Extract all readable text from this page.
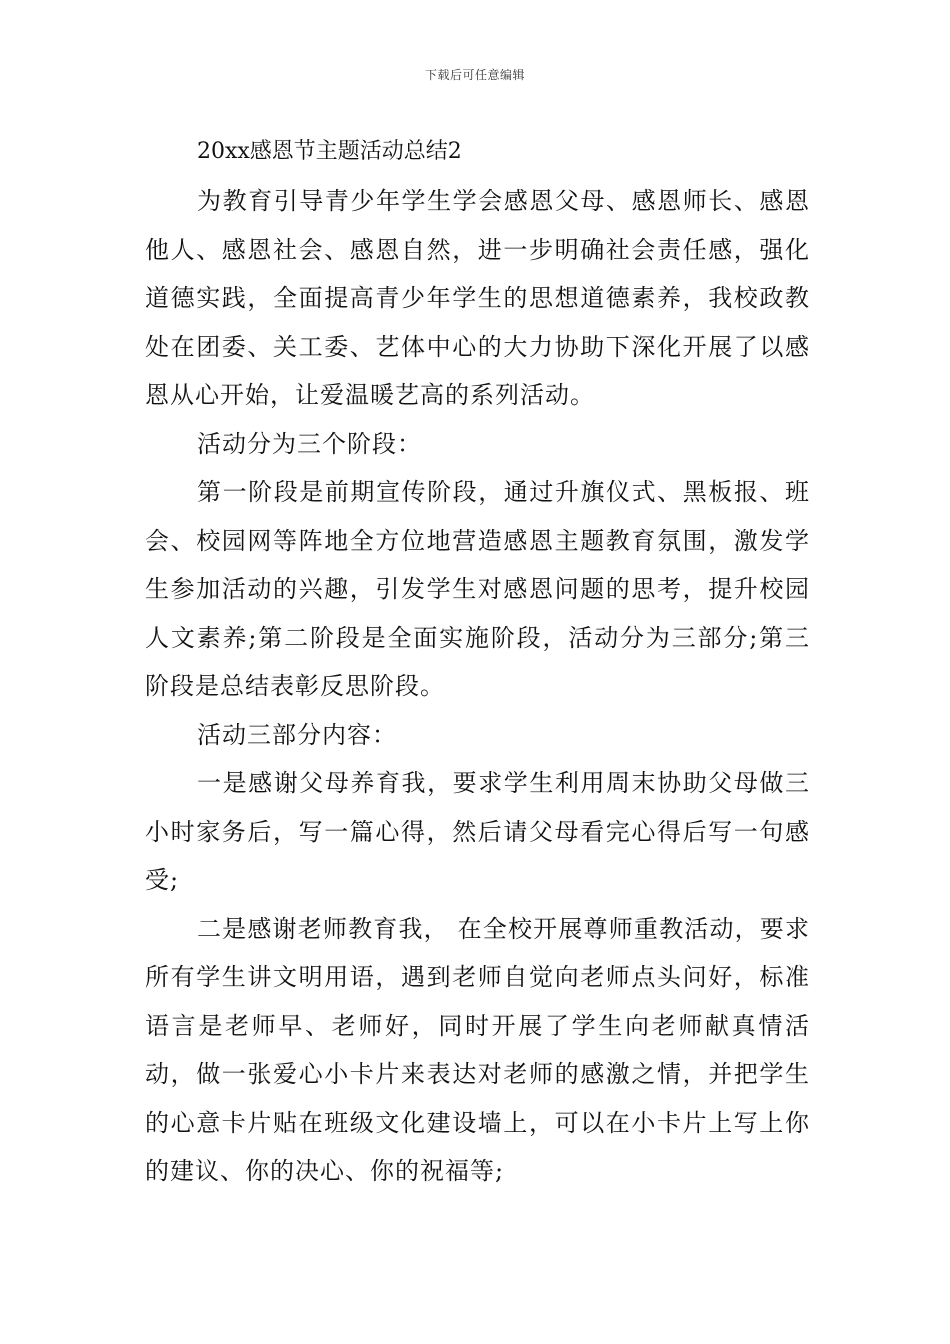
下载后可任意编辑
20xx感恩节主题活动总结2

为教育引导青少年学生学会感恩父母、感恩师长、感恩他人、感恩社会、感恩自然，进一步明确社会责任感，强化道德实践，全面提高青少年学生的思想道德素养，我校政教处在团委、关工委、艺体中心的大力协助下深化开展了以感恩从心开始，让爱温暖艺高的系列活动。

活动分为三个阶段：

第一阶段是前期宣传阶段，通过升旗仪式、黑板报、班会、校园网等阵地全方位地营造感恩主题教育氛围，激发学生参加活动的兴趣，引发学生对感恩问题的思考，提升校园人文素养;第二阶段是全面实施阶段，活动分为三部分;第三阶段是总结表彰反思阶段。

活动三部分内容：

一是感谢父母养育我，要求学生利用周末协助父母做三小时家务后，写一篇心得，然后请父母看完心得后写一句感受;

二是感谢老师教育我， 在全校开展尊师重教活动，要求所有学生讲文明用语，遇到老师自觉向老师点头问好，标准语言是老师早、老师好，同时开展了学生向老师献真情活动，做一张爱心小卡片来表达对老师的感激之情，并把学生的心意卡片贴在班级文化建设墙上，可以在小卡片上写上你的建议、你的决心、你的祝福等;
